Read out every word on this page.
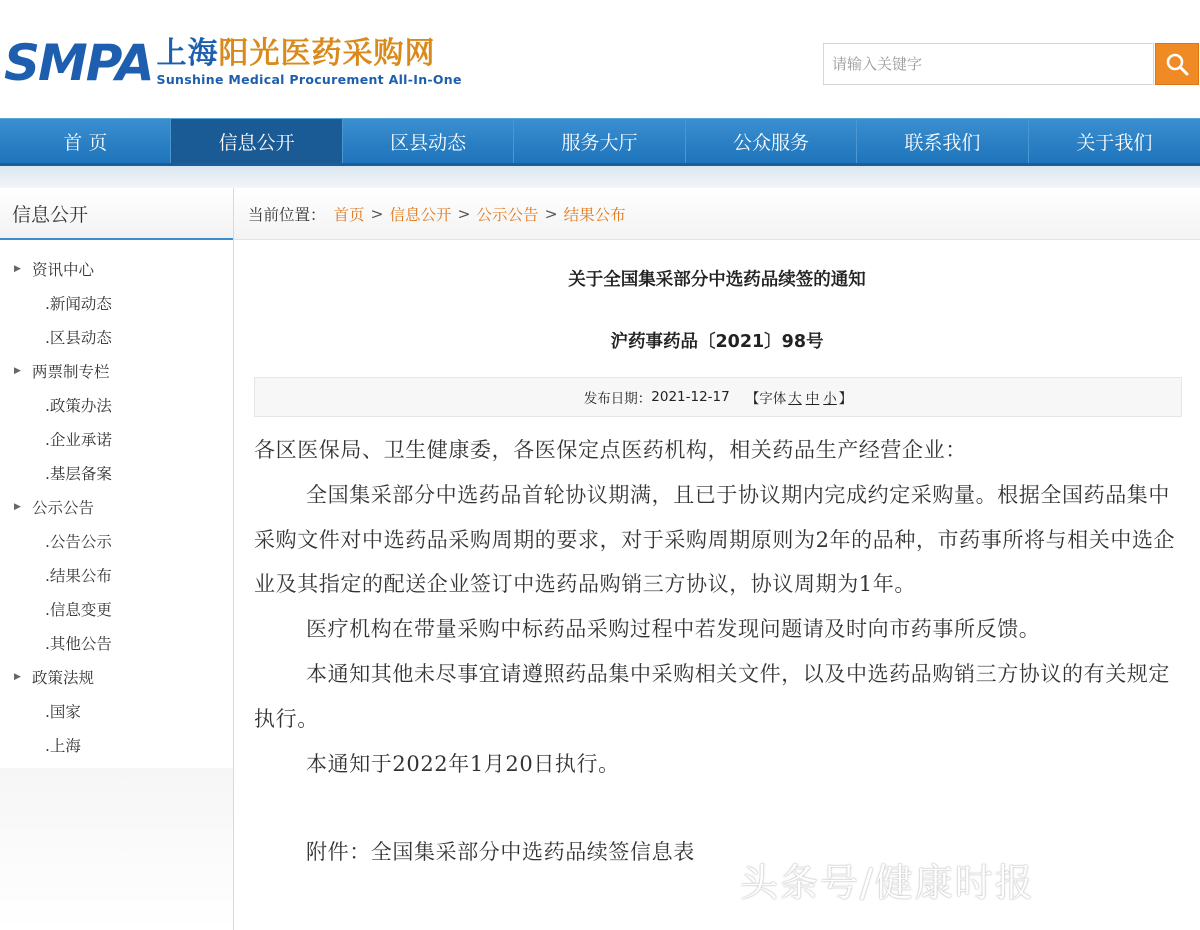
SMPA 上海阳光医药采购网
Sunshine Medical Procurement All-In-One
请输入关键字
首 页	信息公开	区县动态	服务大厅	公众服务	联系我们	关于我们
信息公开
▶ 资讯中心
.新闻动态
.区县动态
▶ 两票制专栏
.政策办法
.企业承诺
.基层备案
▶ 公示公告
.公告公示
.结果公布
.信息变更
.其他公告
▶ 政策法规
.国家
.上海
当前位置： 首页 > 信息公开 > 公示公告 > 结果公布
关于全国集采部分中选药品续签的通知
沪药事药品〔2021〕98号
发布日期： 2021-12-17 【字体 大 中 小 】

各区医保局、卫生健康委，各医保定点医药机构，相关药品生产经营企业：

全国集采部分中选药品首轮协议期满，且已于协议期内完成约定采购量。根据全国药品集中采购文件对中选药品采购周期的要求，对于采购周期原则为2年的品种，市药事所将与相关中选企业及其指定的配送企业签订中选药品购销三方协议，协议周期为1年。

医疗机构在带量采购中标药品采购过程中若发现问题请及时向市药事所反馈。

本通知其他未尽事宜请遵照药品集中采购相关文件，以及中选药品购销三方协议的有关规定执行。

本通知于2022年1月20日执行。

附件：全国集采部分中选药品续签信息表

头条号/健康时报
